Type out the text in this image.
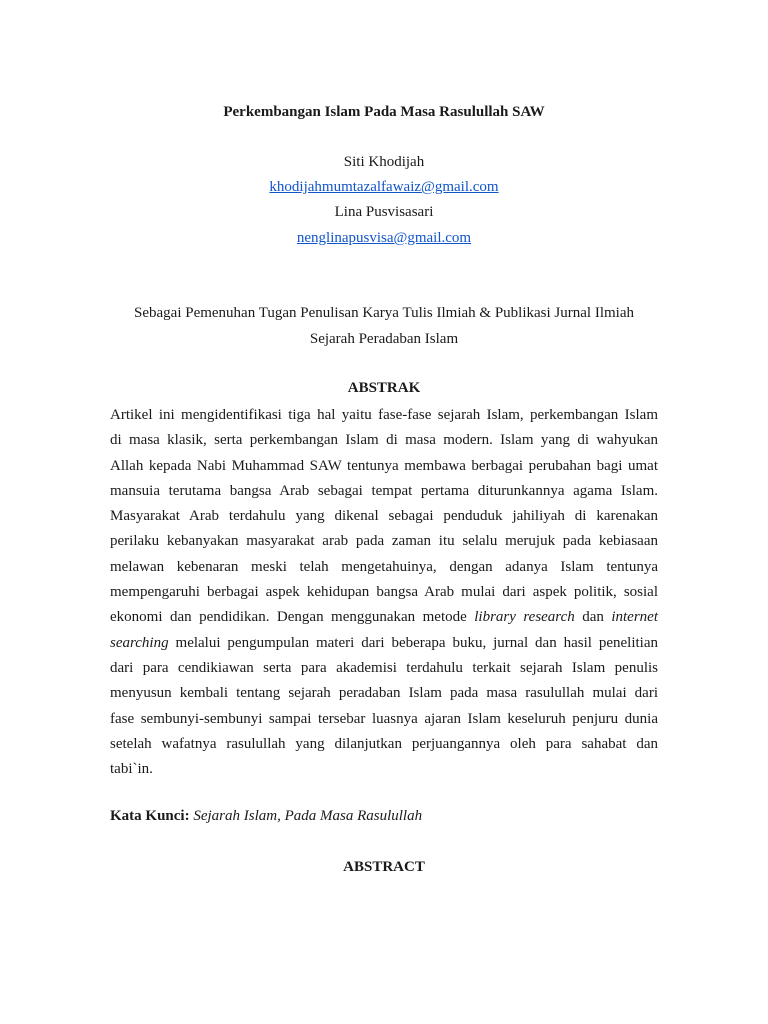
Perkembangan Islam Pada Masa Rasulullah SAW
Siti Khodijah
khodijahmumtazalfawaiz@gmail.com
Lina Pusvisasari
nenglinapusvisa@gmail.com
Sebagai Pemenuhan Tugan Penulisan Karya Tulis Ilmiah & Publikasi Jurnal Ilmiah
Sejarah Peradaban Islam
ABSTRAK
Artikel ini mengidentifikasi tiga hal yaitu fase-fase sejarah Islam, perkembangan Islam
di masa klasik, serta perkembangan Islam di masa modern. Islam yang di wahyukan
Allah kepada Nabi Muhammad SAW tentunya membawa berbagai perubahan bagi umat
mansuia terutama bangsa Arab sebagai tempat pertama diturunkannya agama Islam.
Masyarakat Arab terdahulu yang dikenal sebagai penduduk jahiliyah di karenakan
perilaku kebanyakan masyarakat arab pada zaman itu selalu merujuk pada kebiasaan
melawan kebenaran meski telah mengetahuinya, dengan adanya Islam tentunya
mempengaruhi berbagai aspek kehidupan bangsa Arab mulai dari aspek politik, sosial
ekonomi dan pendidikan. Dengan menggunakan metode library research dan internet
searching melalui pengumpulan materi dari beberapa buku, jurnal dan hasil penelitian
dari para cendikiawan serta para akademisi terdahulu terkait sejarah Islam penulis
menyusun kembali tentang sejarah peradaban Islam pada masa rasulullah mulai dari
fase sembunyi-sembunyi sampai tersebar luasnya ajaran Islam keseluruh penjuru dunia
setelah wafatnya rasulullah yang dilanjutkan perjuangannya oleh para sahabat dan
tabi`in.
Kata Kunci: Sejarah Islam, Pada Masa Rasulullah
ABSTRACT
